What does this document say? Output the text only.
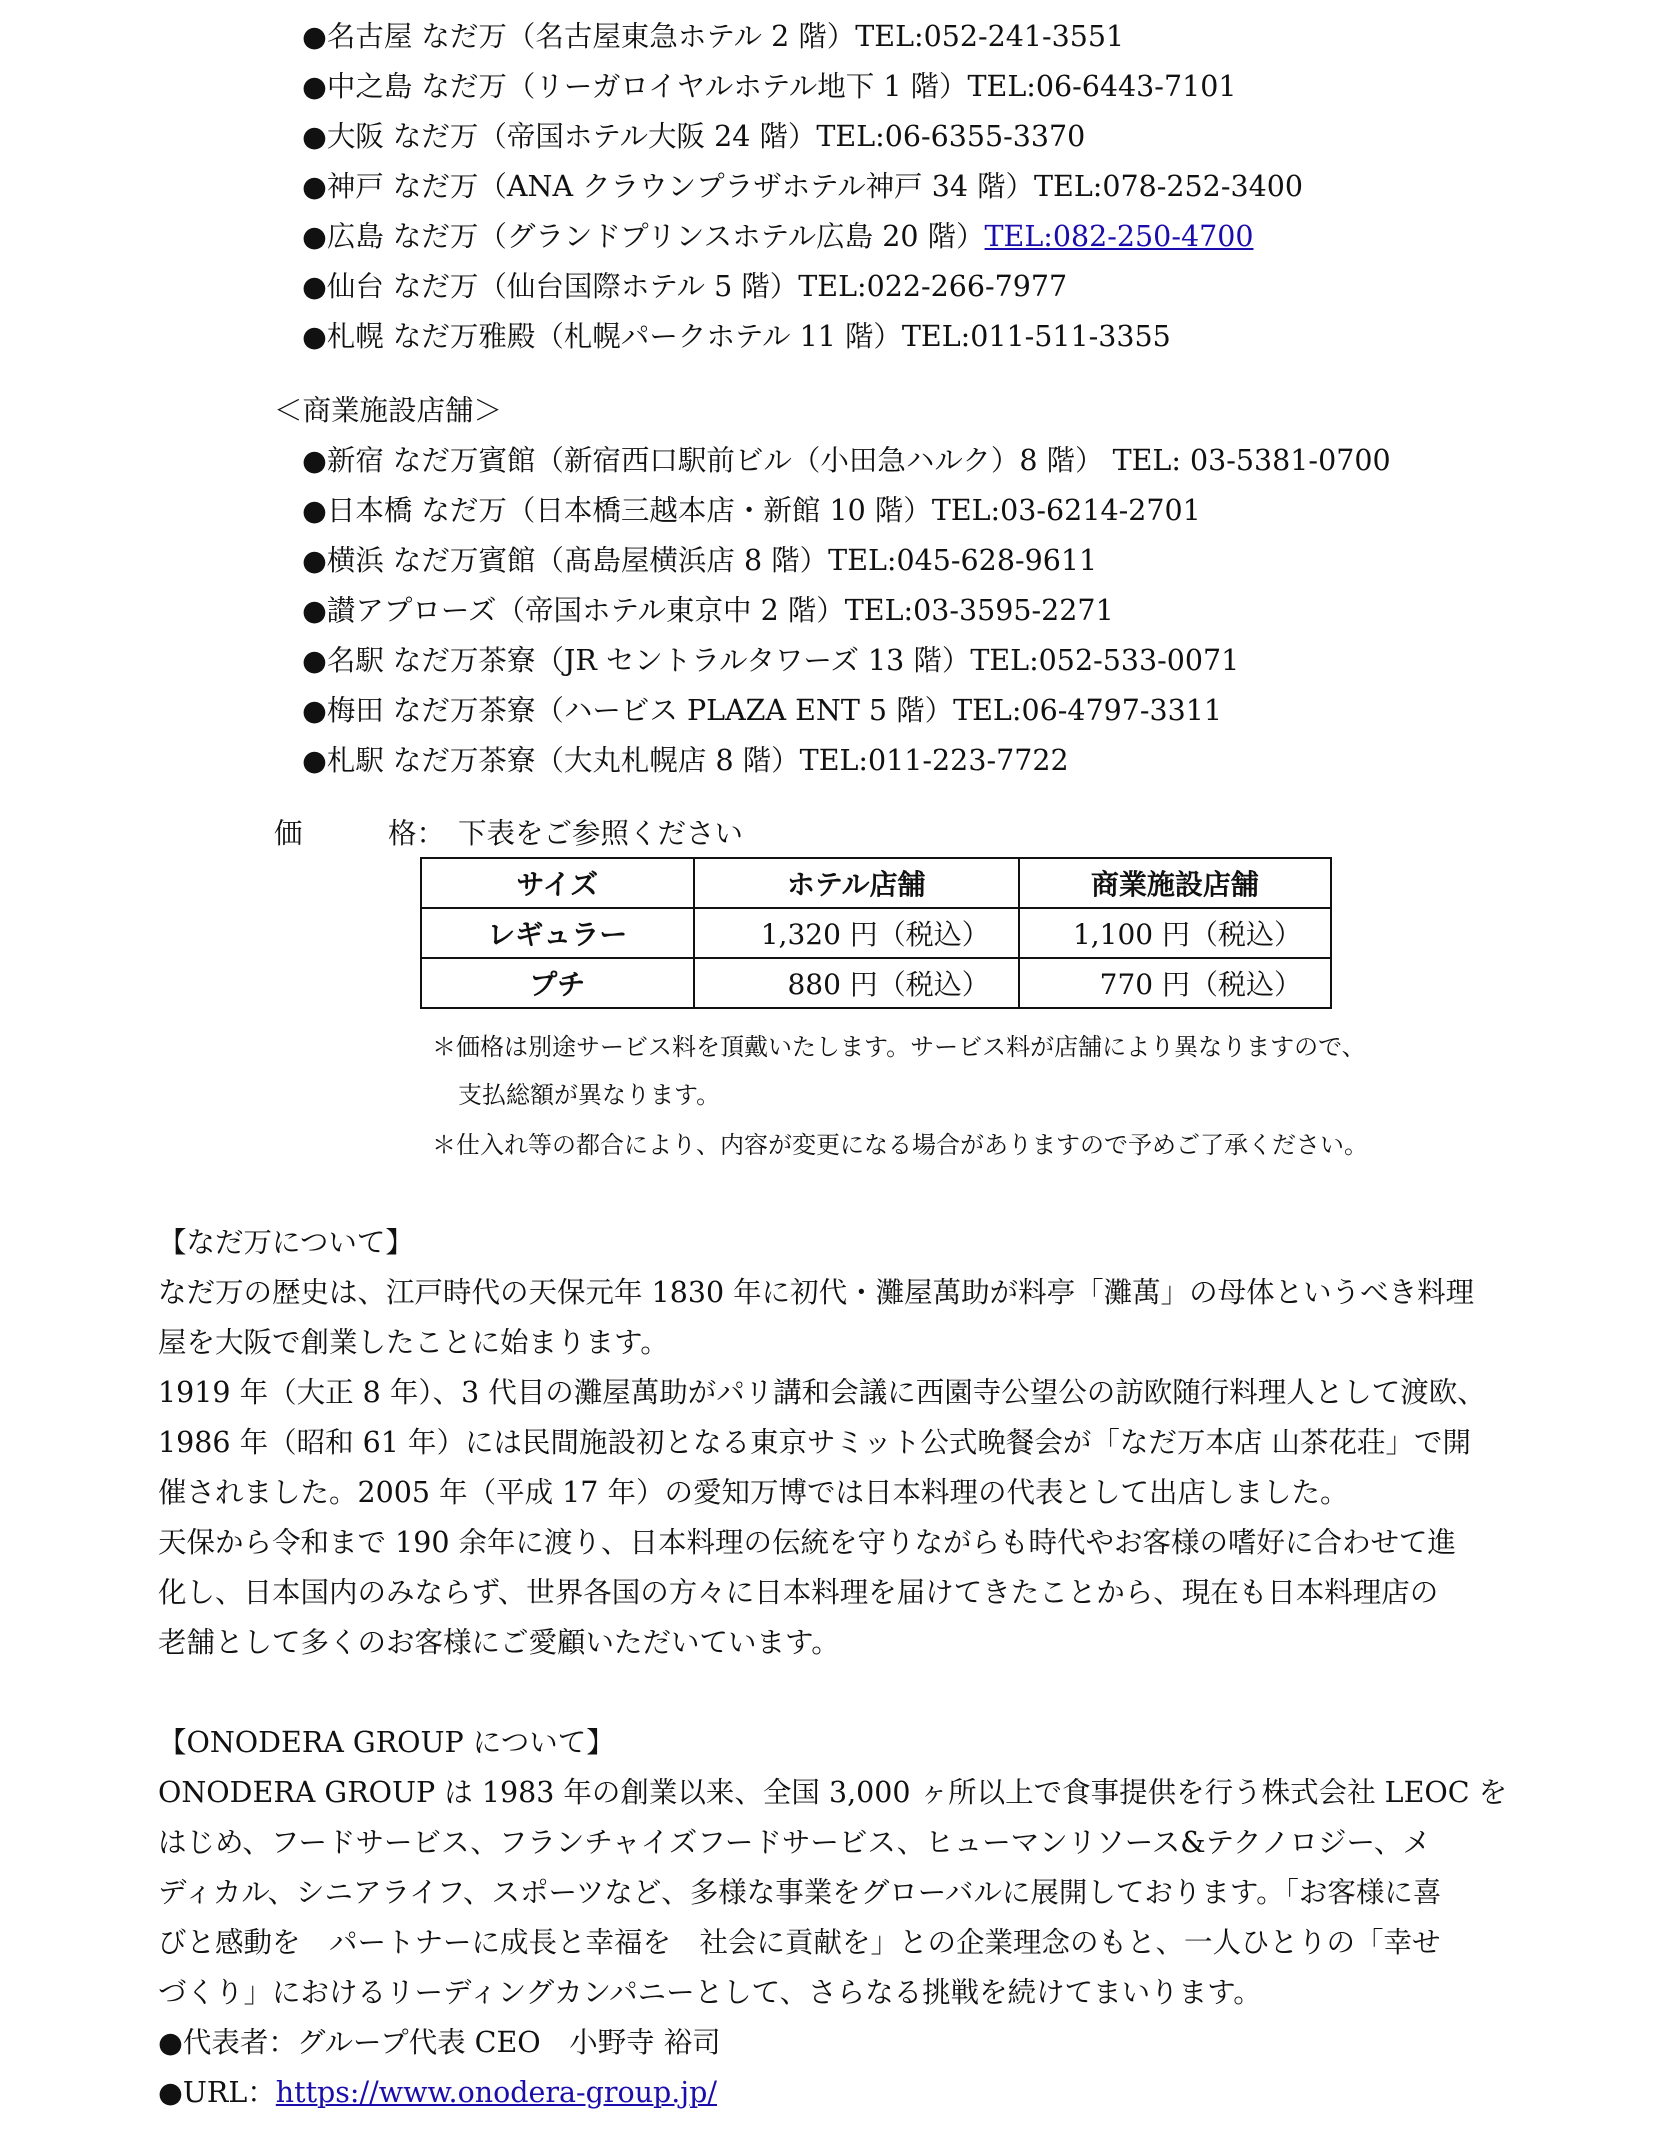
●名古屋 なだ万（名古屋東急ホテル 2 階）TEL:052-241-3551
●中之島 なだ万（リーガロイヤルホテル地下 1 階）TEL:06-6443-7101
●大阪 なだ万（帝国ホテル大阪 24 階）TEL:06-6355-3370
●神戸 なだ万（ANA クラウンプラザホテル神戸 34 階）TEL:078-252-3400
●広島 なだ万（グランドプリンスホテル広島 20 階）TEL:082-250-4700
●仙台 なだ万（仙台国際ホテル 5 階）TEL:022-266-7977
●札幌 なだ万雅殿（札幌パークホテル 11 階）TEL:011-511-3355
＜商業施設店舗＞
●新宿 なだ万賓館（新宿西口駅前ビル（小田急ハルク）8 階） TEL: 03-5381-0700
●日本橋 なだ万（日本橋三越本店・新館 10 階）TEL:03-6214-2701
●横浜 なだ万賓館（髙島屋横浜店 8 階）TEL:045-628-9611
●讃アプローズ（帝国ホテル東京中 2 階）TEL:03-3595-2271
●名駅 なだ万茶寮（JR セントラルタワーズ 13 階）TEL:052-533-0071
●梅田 なだ万茶寮（ハービス PLAZA ENT 5 階）TEL:06-4797-3311
●札駅 なだ万茶寮（大丸札幌店 8 階）TEL:011-223-7722
価　　　格： 下表をご参照ください
サイズ	ホテル店舗	商業施設店舗
レギュラー	1,320 円（税込）	1,100 円（税込）
プチ	880 円（税込）	770 円（税込）
＊価格は別途サービス料を頂戴いたします。サービス料が店舗により異なりますので、
支払総額が異なります。
＊仕入れ等の都合により、内容が変更になる場合がありますので予めご了承ください。
【なだ万について】
なだ万の歴史は、江戸時代の天保元年 1830 年に初代・灘屋萬助が料亭「灘萬」の母体というべき料理
屋を大阪で創業したことに始まります。
1919 年（大正 8 年）、3 代目の灘屋萬助がパリ講和会議に西園寺公望公の訪欧随行料理人として渡欧、
1986 年（昭和 61 年）には民間施設初となる東京サミット公式晩餐会が「なだ万本店 山茶花荘」で開
催されました。2005 年（平成 17 年）の愛知万博では日本料理の代表として出店しました。
天保から令和まで 190 余年に渡り、日本料理の伝統を守りながらも時代やお客様の嗜好に合わせて進
化し、日本国内のみならず、世界各国の方々に日本料理を届けてきたことから、現在も日本料理店の
老舗として多くのお客様にご愛顧いただいています。
【ONODERA GROUP について】
ONODERA GROUP は 1983 年の創業以来、全国 3,000 ヶ所以上で食事提供を行う株式会社 LEOC を
はじめ、フードサービス、フランチャイズフードサービス、ヒューマンリソース&テクノロジー、メ
ディカル、シニアライフ、スポーツなど、多様な事業をグローバルに展開しております。「お客様に喜
びと感動を　パートナーに成長と幸福を　社会に貢献を」との企業理念のもと、一人ひとりの「幸せ
づくり」におけるリーディングカンパニーとして、さらなる挑戦を続けてまいります。
●代表者：グループ代表 CEO　小野寺 裕司
●URL：https://www.onodera-group.jp/
